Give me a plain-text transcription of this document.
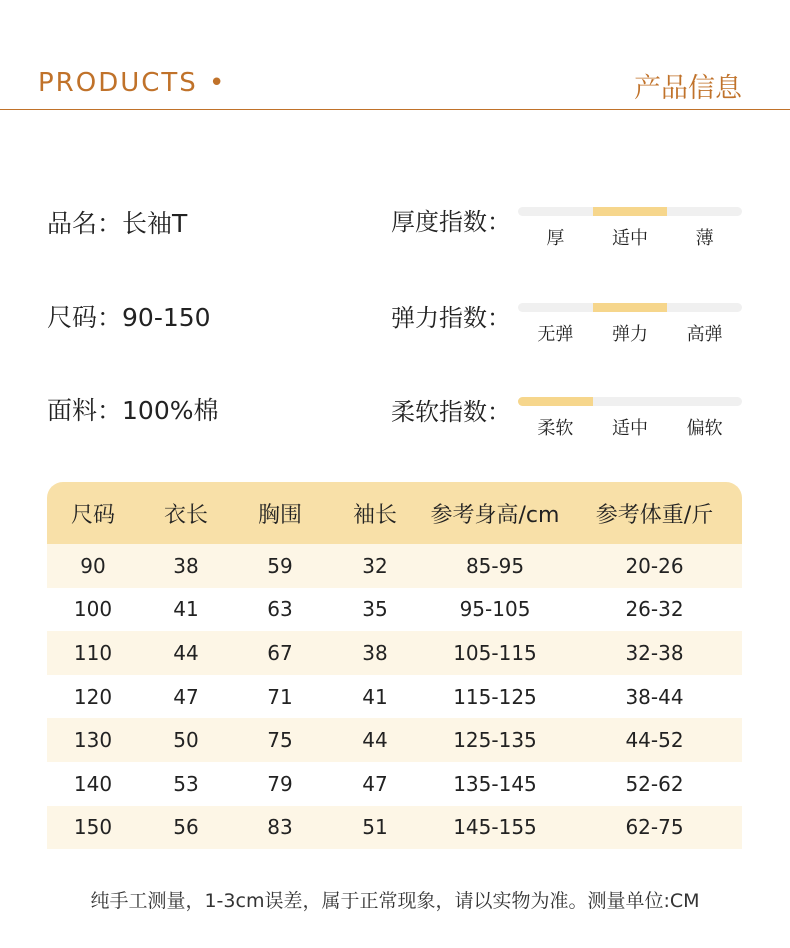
PRODUCTS •	产品信息
品名：长袖T
尺码：90-150
面料：100%棉
厚度指数：
厚	适中	薄
弹力指数：
无弹	弹力	高弹
柔软指数：
柔软	适中	偏软
尺码	衣长	胸围	袖长	参考身高/cm	参考体重/斤
90	38	59	32	85-95	20-26
100	41	63	35	95-105	26-32
110	44	67	38	105-115	32-38
120	47	71	41	115-125	38-44
130	50	75	44	125-135	44-52
140	53	79	47	135-145	52-62
150	56	83	51	145-155	62-75
纯手工测量，1-3cm误差，属于正常现象，请以实物为准。测量单位:CM
